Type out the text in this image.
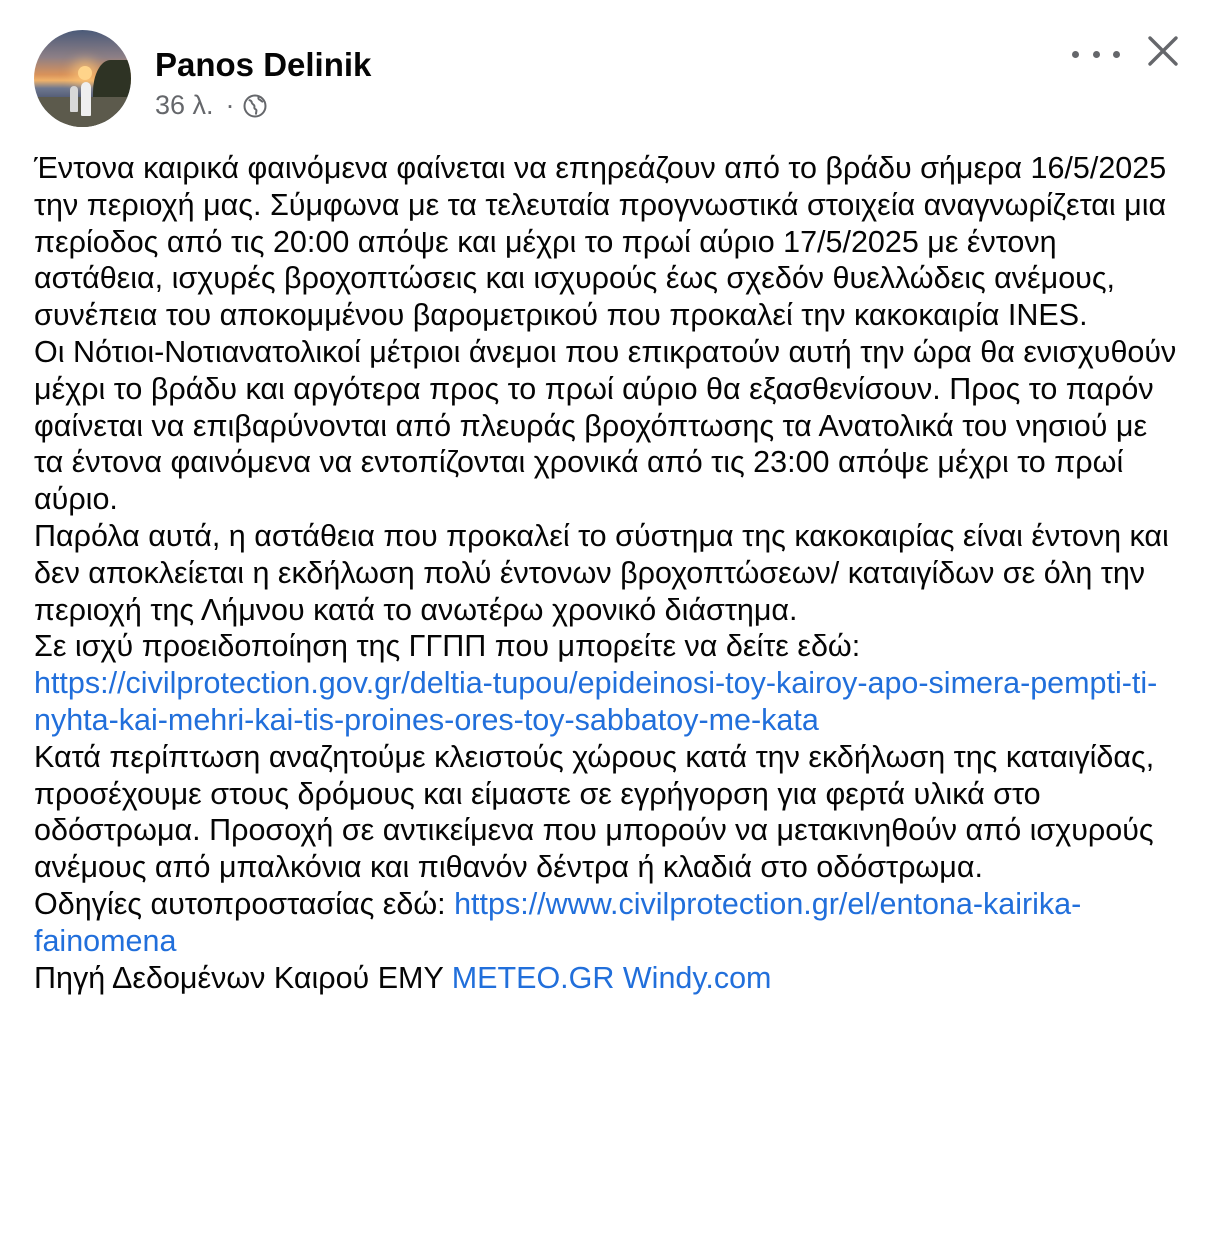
Panos Delinik
36 λ. ·

Έντονα καιρικά φαινόμενα φαίνεται να επηρεάζουν από το βράδυ σήμερα 16/5/2025 την περιοχή μας. Σύμφωνα με τα τελευταία προγνωστικά στοιχεία αναγνωρίζεται μια περίοδος από τις 20:00 απόψε και μέχρι το πρωί αύριο 17/5/2025 με έντονη αστάθεια, ισχυρές βροχοπτώσεις και ισχυρούς έως σχεδόν θυελλώδεις ανέμους, συνέπεια του αποκομμένου βαρομετρικού που προκαλεί την κακοκαιρία INES.

Οι Νότιοι-Νοτιανατολικοί μέτριοι άνεμοι που επικρατούν αυτή την ώρα θα ενισχυθούν μέχρι το βράδυ και αργότερα προς το πρωί αύριο θα εξασθενίσουν. Προς το παρόν φαίνεται να επιβαρύνονται από πλευράς βροχόπτωσης τα Ανατολικά του νησιού με τα έντονα φαινόμενα να εντοπίζονται χρονικά από τις 23:00 απόψε μέχρι το πρωί αύριο.

Παρόλα αυτά, η αστάθεια που προκαλεί το σύστημα της κακοκαιρίας είναι έντονη και δεν αποκλείεται η εκδήλωση πολύ έντονων βροχοπτώσεων/ καταιγίδων σε όλη την περιοχή της Λήμνου κατά το ανωτέρω χρονικό διάστημα.

Σε ισχύ προειδοποίηση της ΓΓΠΠ που μπορείτε να δείτε εδώ: https://civilprotection.gov.gr/deltia-tupou/epideinosi-toy-kairoy-apo-simera-pempti-ti-nyhta-kai-mehri-kai-tis-proines-ores-toy-sabbatoy-me-kata

Κατά περίπτωση αναζητούμε κλειστούς χώρους κατά την εκδήλωση της καταιγίδας, προσέχουμε στους δρόμους και είμαστε σε εγρήγορση για φερτά υλικά στο οδόστρωμα. Προσοχή σε αντικείμενα που μπορούν να μετακινηθούν από ισχυρούς ανέμους από μπαλκόνια και πιθανόν δέντρα ή κλαδιά στο οδόστρωμα.

Οδηγίες αυτοπροστασίας εδώ: https://www.civilprotection.gr/el/entona-kairika-fainomena

Πηγή Δεδομένων Καιρού ΕΜΥ METEO.GR Windy.com
